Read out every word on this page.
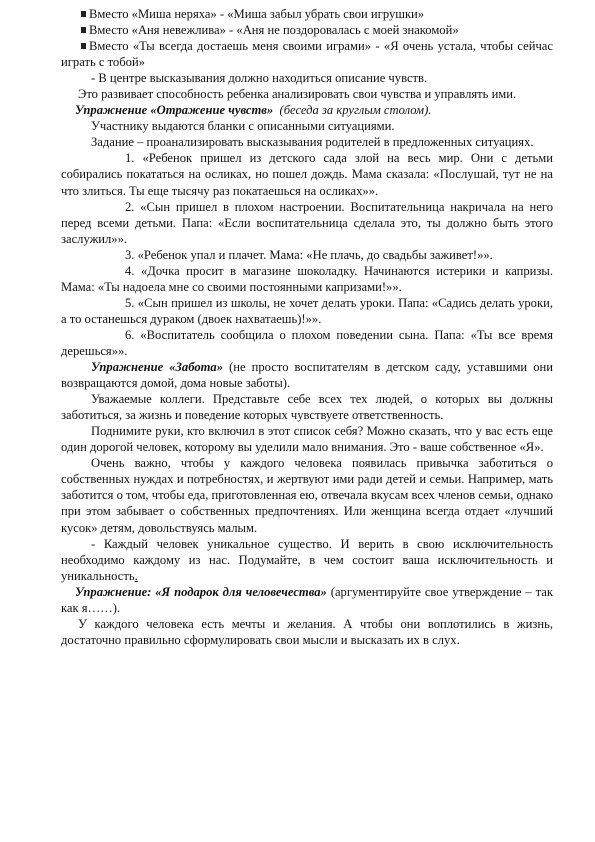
Вместо «Миша неряха» - «Миша забыл убрать свои игрушки»

Вместо «Аня невежлива» - «Аня не поздоровалась с моей знакомой»

Вместо «Ты всегда достаешь меня своими играми» - «Я очень устала, чтобы сейчас играть с тобой»

- В центре высказывания должно находиться описание чувств.

Это развивает способность ребенка анализировать свои чувства и управлять ими.

Упражнение «Отражение чувств» (беседа за круглым столом).

Участнику выдаются бланки с описанными ситуациями.

Задание – проанализировать высказывания родителей в предложенных ситуациях.

1. «Ребенок пришел из детского сада злой на весь мир. Они с детьми собирались покататься на осликах, но пошел дождь. Мама сказала: «Послушай, тут не на что злиться. Ты еще тысячу раз покатаешься на осликах»».

2. «Сын пришел в плохом настроении. Воспитательница накричала на него перед всеми детьми. Папа: «Если воспитательница сделала это, ты должно быть этого заслужил»».

3. «Ребенок упал и плачет. Мама: «Не плачь, до свадьбы заживет!»».

4. «Дочка просит в магазине шоколадку. Начинаются истерики и капризы. Мама: «Ты надоела мне со своими постоянными капризами!»».

5. «Сын пришел из школы, не хочет делать уроки. Папа: «Садись делать уроки, а то останешься дураком (двоек нахватаешь)!»».

6. «Воспитатель сообщила о плохом поведении сына. Папа: «Ты все время дерешься»».

Упражнение «Забота» (не просто воспитателям в детском саду, уставшими они возвращаются домой, дома новые заботы).

Уважаемые коллеги. Представьте себе всех тех людей, о которых вы должны заботиться, за жизнь и поведение которых чувствуете ответственность.

Поднимите руки, кто включил в этот список себя? Можно сказать, что у вас есть еще один дорогой человек, которому вы уделили мало внимания. Это - ваше собственное «Я».

Очень важно, чтобы у каждого человека появилась привычка заботиться о собственных нуждах и потребностях, и жертвуют ими ради детей и семьи. Например, мать заботится о том, чтобы еда, приготовленная ею, отвечала вкусам всех членов семьи, однако при этом забывает о собственных предпочтениях. Или женщина всегда отдает «лучший кусок» детям, довольствуясь малым.

- Каждый человек уникальное существо. И верить в свою исключительность необходимо каждому из нас. Подумайте, в чем состоит ваша исключительность и уникальность.

Упражнение: «Я подарок для человечества» (аргументируйте свое утверждение – так как я……).

У каждого человека есть мечты и желания. А чтобы они воплотились в жизнь, достаточно правильно сформулировать свои мысли и высказать их в слух.
